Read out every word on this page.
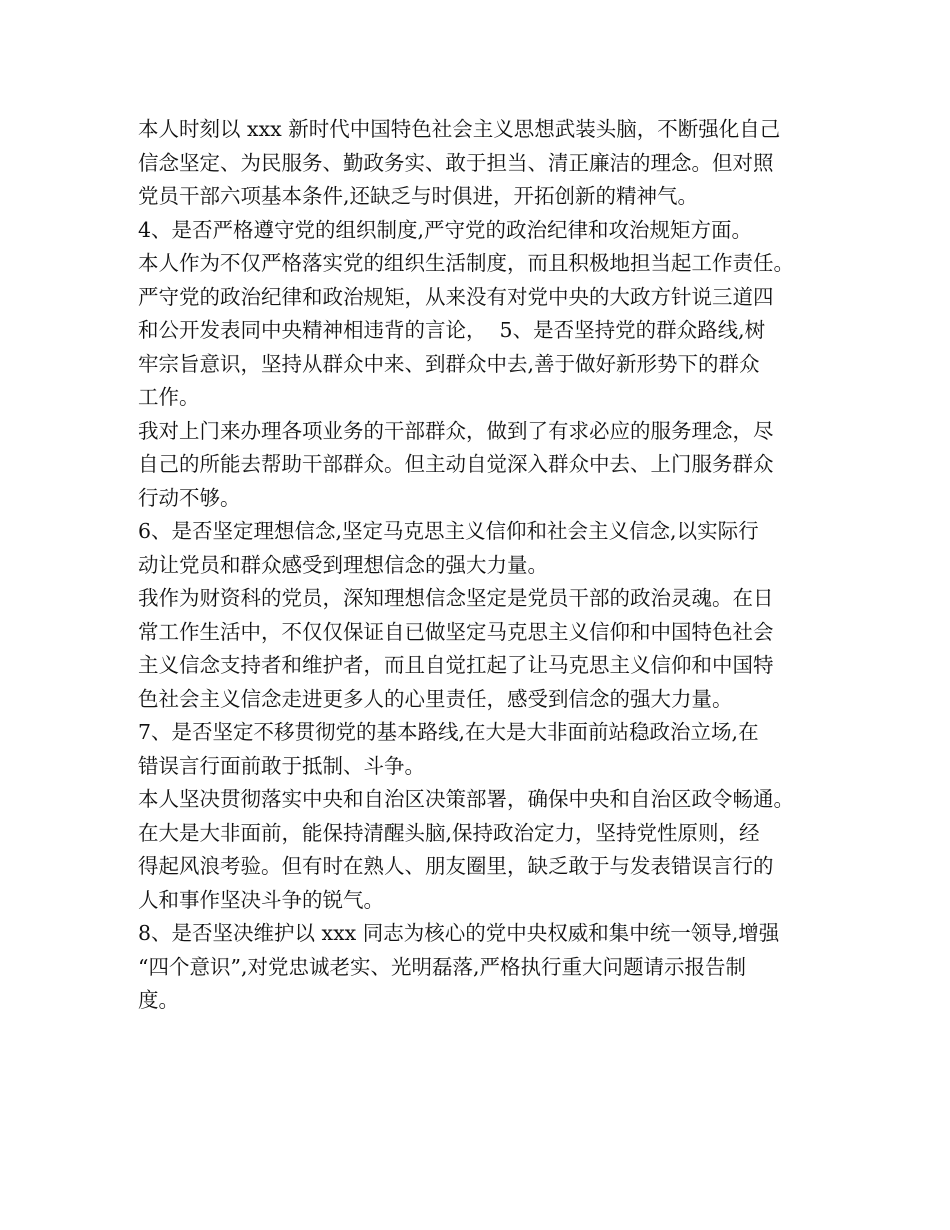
本人时刻以 xxx 新时代中国特色社会主义思想武装头脑，不断强化自己
信念坚定、为民服务、勤政务实、敢于担当、清正廉洁的理念。但对照
党员干部六项基本条件,还缺乏与时俱进，开拓创新的精神气。
4、是否严格遵守党的组织制度,严守党的政治纪律和攻治规矩方面。
本人作为不仅严格落实党的组织生活制度，而且积极地担当起工作责任。
严守党的政治纪律和政治规矩，从来没有对党中央的大政方针说三道四
和公开发表同中央精神相违背的言论，  5、是否坚持党的群众路线,树
牢宗旨意识，坚持从群众中来、到群众中去,善于做好新形势下的群众
工作。
我对上门来办理各项业务的干部群众，做到了有求必应的服务理念，尽
自己的所能去帮助干部群众。但主动自觉深入群众中去、上门服务群众
行动不够。
6、是否坚定理想信念,坚定马克思主义信仰和社会主义信念,以实际行
动让党员和群众感受到理想信念的强大力量。
我作为财资科的党员，深知理想信念坚定是党员干部的政治灵魂。在日
常工作生活中，不仅仅保证自已做坚定马克思主义信仰和中国特色社会
主义信念支持者和维护者，而且自觉扛起了让马克思主义信仰和中国特
色社会主义信念走进更多人的心里责任，感受到信念的强大力量。
7、是否坚定不移贯彻党的基本路线,在大是大非面前站稳政治立场,在
错误言行面前敢于抵制、斗争。
本人坚决贯彻落实中央和自治区决策部署，确保中央和自治区政令畅通。
在大是大非面前，能保持清醒头脑,保持政治定力，坚持党性原则，经
得起风浪考验。但有时在熟人、朋友圈里，缺乏敢于与发表错误言行的
人和事作坚决斗争的锐气。
8、是否坚决维护以 xxx 同志为核心的党中央权威和集中统一领导,增强
“四个意识”,对党忠诚老实、光明磊落,严格执行重大问题请示报告制
度。
